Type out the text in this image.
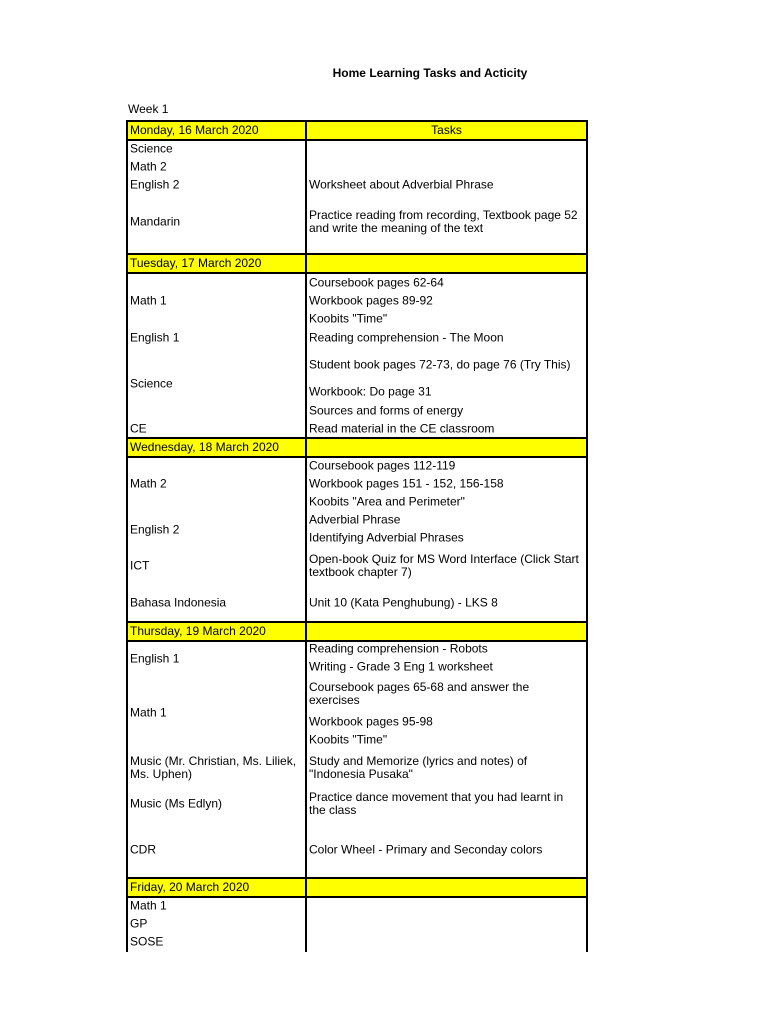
Home Learning Tasks and Acticity
Week 1
Monday, 16 March 2020	Tasks
Science
Math 2
English 2
Mandarin
Worksheet about Adverbial Phrase
Practice reading from recording, Textbook page 52 and write the meaning of the text
Tuesday, 17 March 2020
Math 1
English 1
Science
CE
Coursebook pages 62-64
Workbook pages 89-92
Koobits "Time"
Reading comprehension - The Moon
Student book pages 72-73, do page 76 (Try This)
Workbook: Do page 31
Sources and forms of energy
Read material in the CE classroom
Wednesday, 18 March 2020
Math 2
English 2
ICT
Bahasa Indonesia
Coursebook pages 112-119
Workbook pages 151 - 152, 156-158
Koobits "Area and Perimeter"
Adverbial Phrase
Identifying Adverbial Phrases
Open-book Quiz for MS Word Interface (Click Start textbook chapter 7)
Unit 10 (Kata Penghubung) - LKS 8
Thursday, 19 March 2020
English 1
Math 1
Music (Mr. Christian, Ms. Liliek, Ms. Uphen)
Music (Ms Edlyn)
CDR
Reading comprehension - Robots
Writing - Grade 3 Eng 1 worksheet
Coursebook pages 65-68 and answer the exercises
Workbook pages 95-98
Koobits "Time"
Study and Memorize (lyrics and notes) of "Indonesia Pusaka"
Practice dance movement that you had learnt in the class
Color Wheel - Primary and Seconday colors
Friday, 20 March 2020
Math 1
GP
SOSE
